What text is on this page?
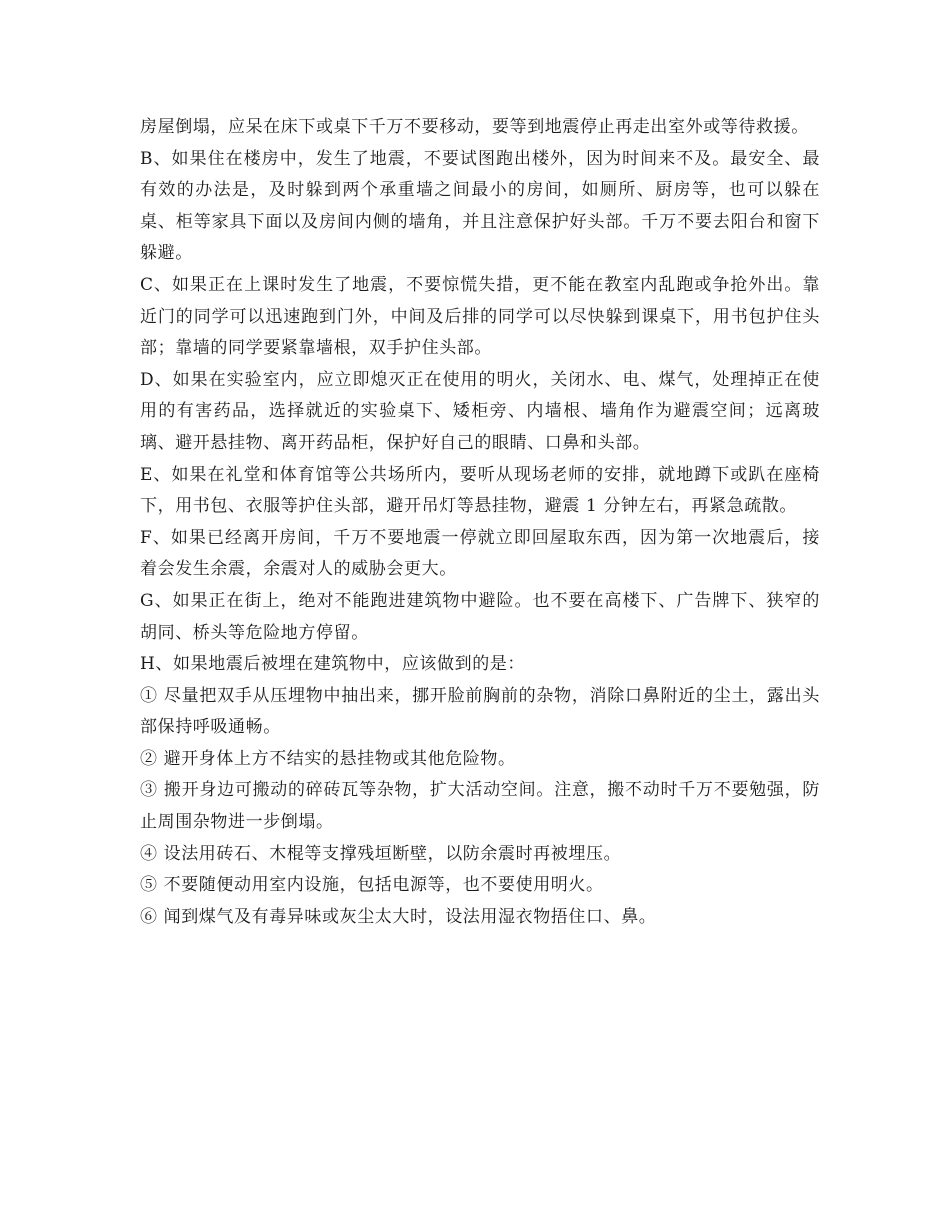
房屋倒塌，应呆在床下或桌下千万不要移动，要等到地震停止再走出室外或等待救援。

B、如果住在楼房中，发生了地震，不要试图跑出楼外，因为时间来不及。最安全、最有效的办法是，及时躲到两个承重墙之间最小的房间，如厕所、厨房等，也可以躲在桌、柜等家具下面以及房间内侧的墙角，并且注意保护好头部。千万不要去阳台和窗下躲避。

C、如果正在上课时发生了地震，不要惊慌失措，更不能在教室内乱跑或争抢外出。靠近门的同学可以迅速跑到门外，中间及后排的同学可以尽快躲到课桌下，用书包护住头部；靠墙的同学要紧靠墙根，双手护住头部。

D、如果在实验室内，应立即熄灭正在使用的明火，关闭水、电、煤气，处理掉正在使用的有害药品，选择就近的实验桌下、矮柜旁、内墙根、墙角作为避震空间；远离玻璃、避开悬挂物、离开药品柜，保护好自己的眼睛、口鼻和头部。

E、如果在礼堂和体育馆等公共场所内，要听从现场老师的安排，就地蹲下或趴在座椅下，用书包、衣服等护住头部，避开吊灯等悬挂物，避震 1 分钟左右，再紧急疏散。

F、如果已经离开房间，千万不要地震一停就立即回屋取东西，因为第一次地震后，接着会发生余震，余震对人的威胁会更大。

G、如果正在街上，绝对不能跑进建筑物中避险。也不要在高楼下、广告牌下、狭窄的胡同、桥头等危险地方停留。

H、如果地震后被埋在建筑物中，应该做到的是：

① 尽量把双手从压埋物中抽出来，挪开脸前胸前的杂物，消除口鼻附近的尘土，露出头部保持呼吸通畅。

② 避开身体上方不结实的悬挂物或其他危险物。

③ 搬开身边可搬动的碎砖瓦等杂物，扩大活动空间。注意，搬不动时千万不要勉强，防止周围杂物进一步倒塌。

④ 设法用砖石、木棍等支撑残垣断壁，以防余震时再被埋压。

⑤ 不要随便动用室内设施，包括电源等，也不要使用明火。

⑥ 闻到煤气及有毒异味或灰尘太大时，设法用湿衣物捂住口、鼻。
